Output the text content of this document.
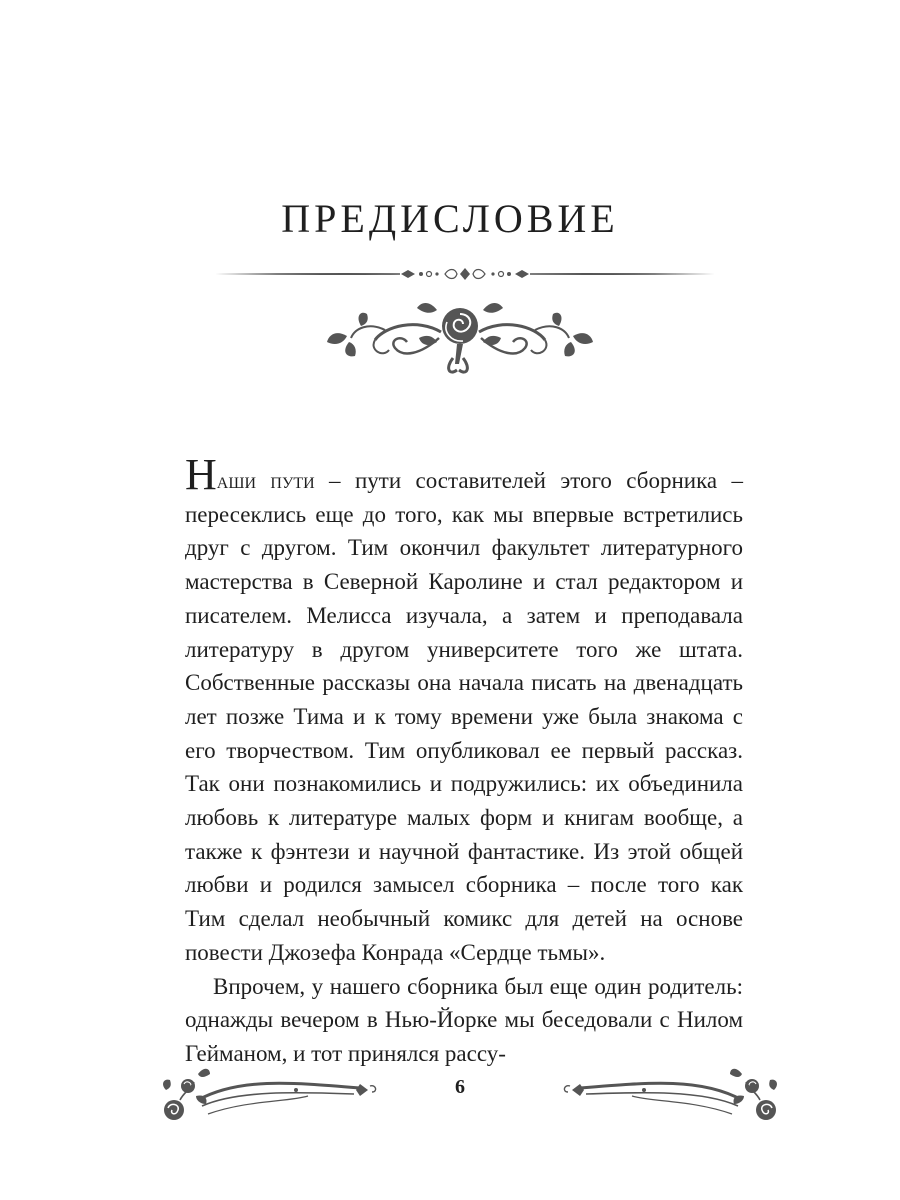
ПРЕДИСЛОВИЕ

Наши пути – пути составителей этого сборника – пересеклись еще до того, как мы впервые встретились друг с другом. Тим окончил факультет литературного мастерства в Северной Каролине и стал редактором и писателем. Мелисса изучала, а затем и преподавала литературу в другом университете того же штата. Собственные рассказы она начала писать на двенадцать лет позже Тима и к тому времени уже была знакома с его творчеством. Тим опубликовал ее первый рассказ. Так они познакомились и подружились: их объединила любовь к литературе малых форм и книгам вообще, а также к фэнтези и научной фантастике. Из этой общей любви и родился замысел сборника – после того как Тим сделал необычный комикс для детей на основе повести Джозефа Конрада «Сердце тьмы».

Впрочем, у нашего сборника был еще один родитель: однажды вечером в Нью-Йорке мы беседовали с Нилом Гейманом, и тот принялся рассу-

6
